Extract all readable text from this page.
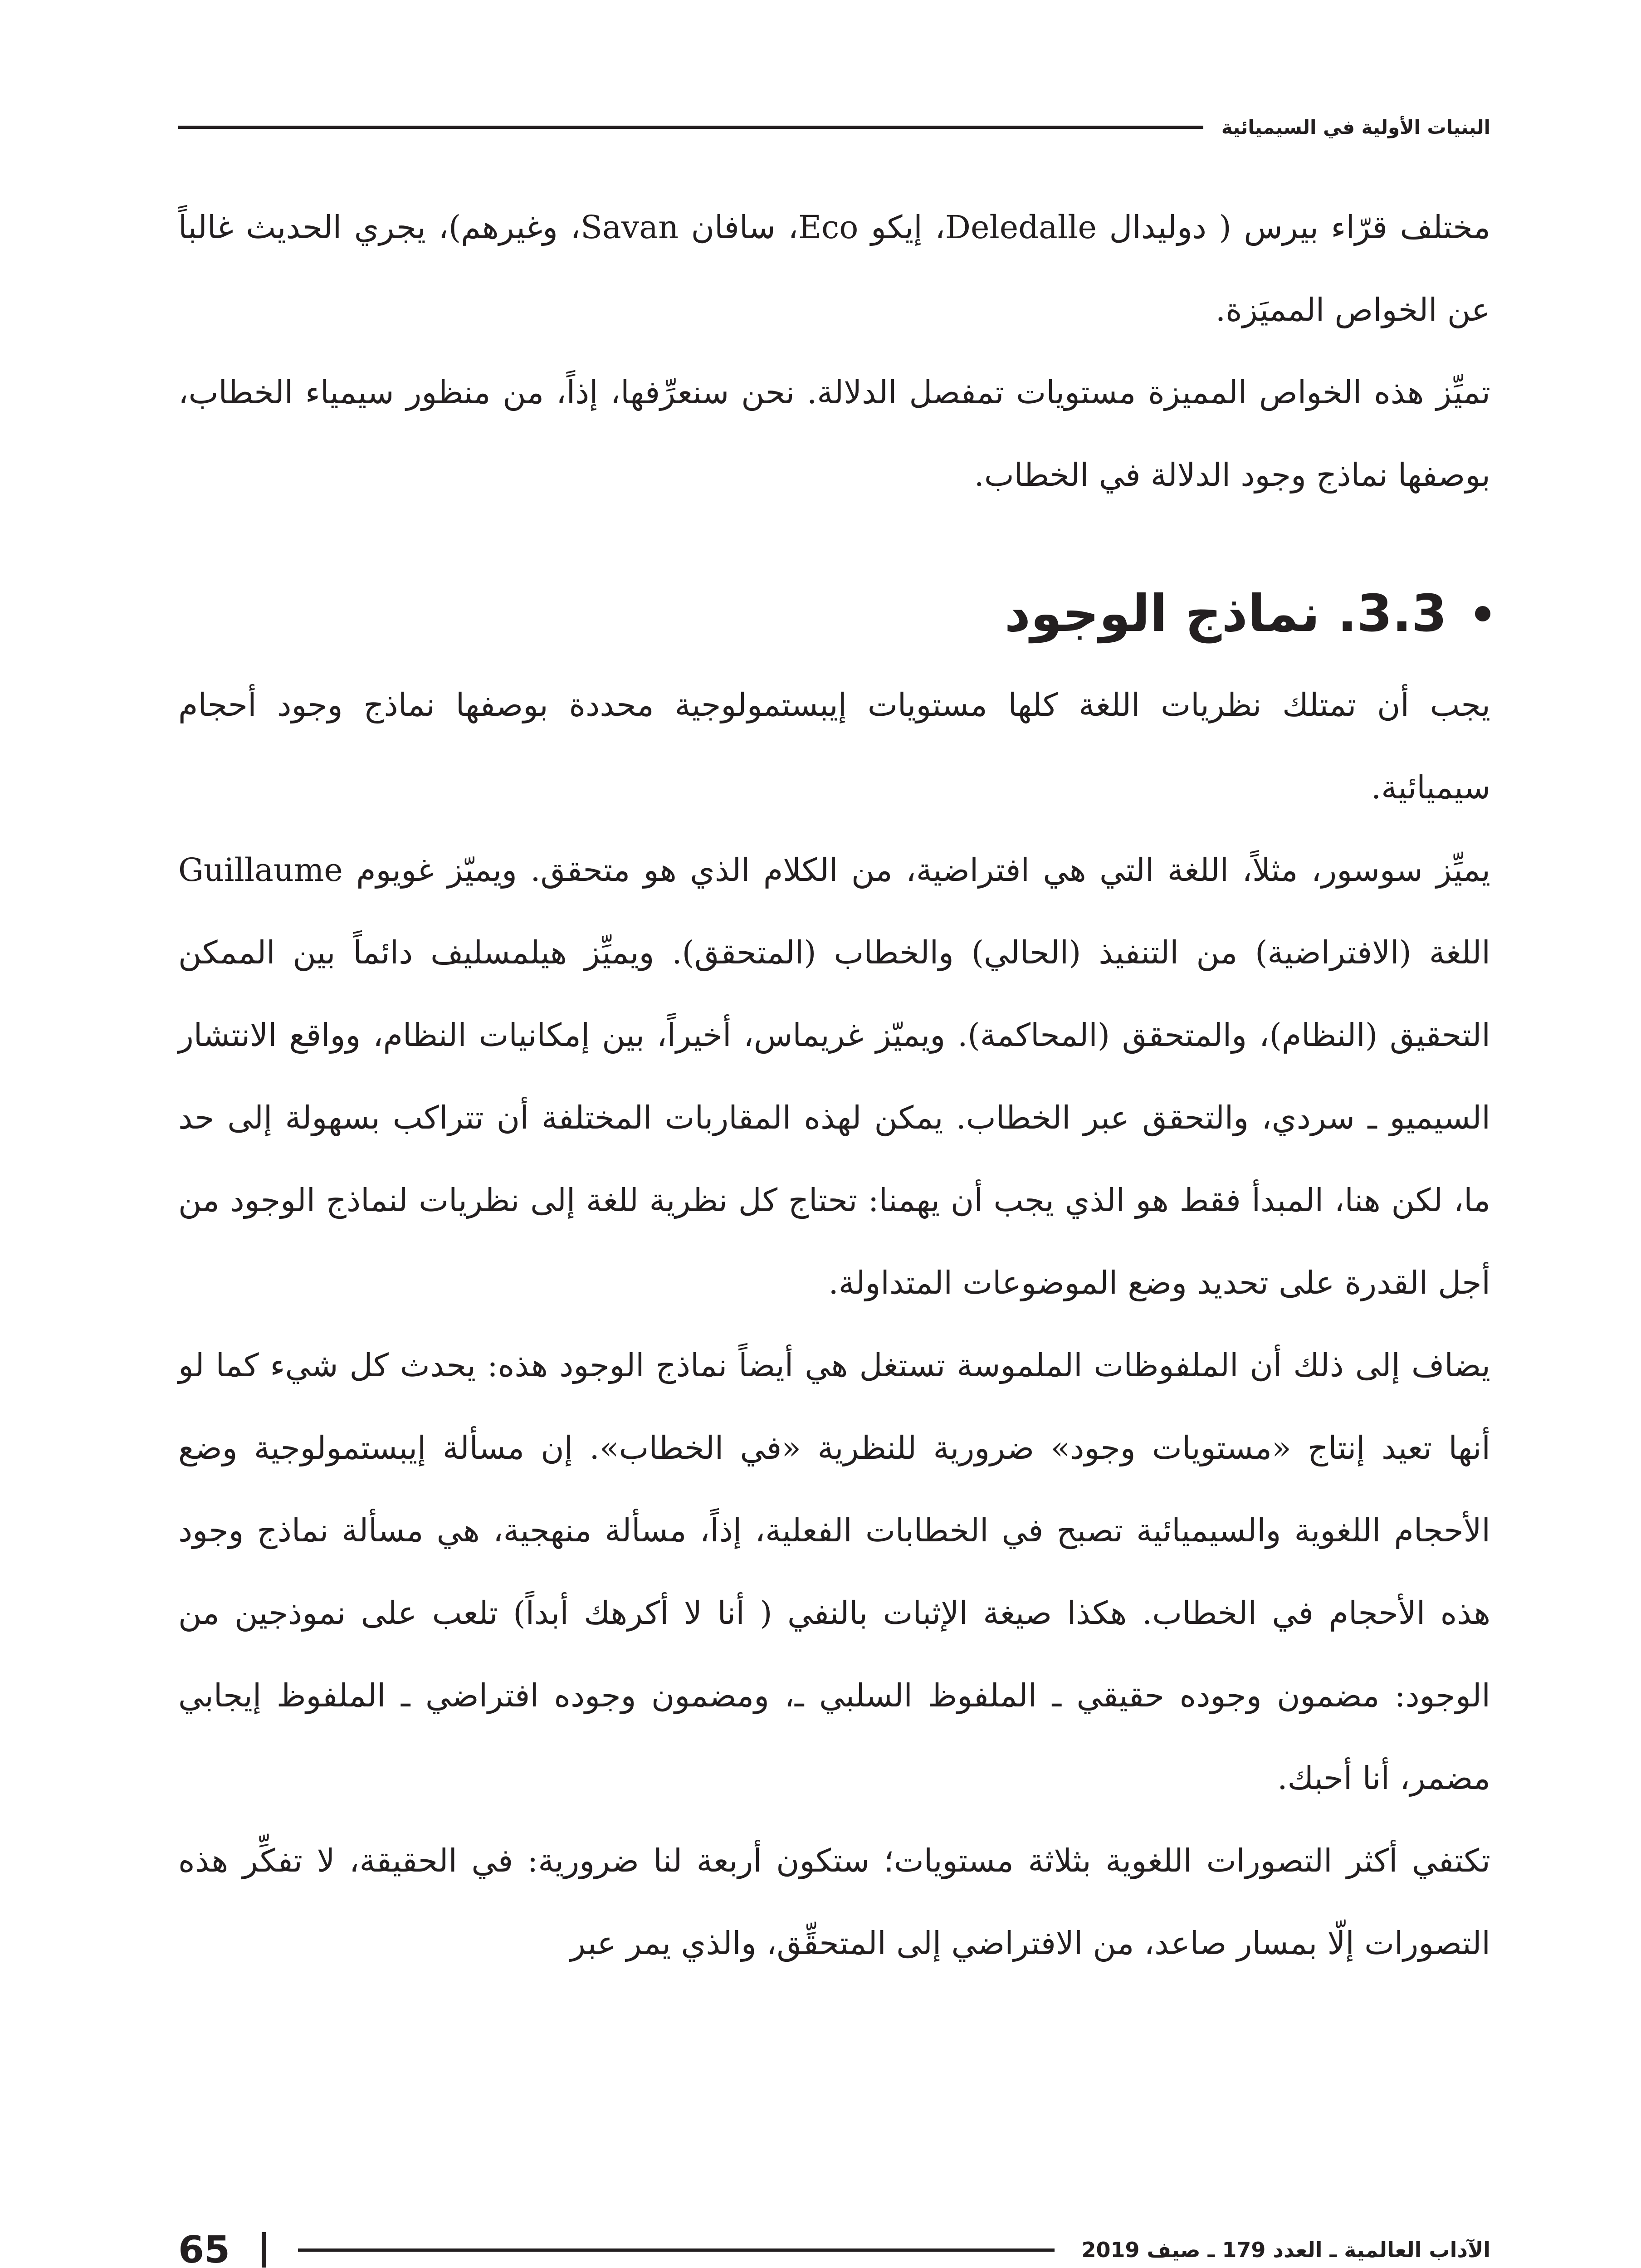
البنيات الأولية في السيميائية

مختلف قرّاء بيرس ( دوليدال Deledalle، إيكو Eco، سافان Savan، وغيرهم)، يجري الحديث غالباً عن الخواص المميَزة.

تميِّز هذه الخواص المميزة مستويات تمفصل الدلالة. نحن سنعرِّفها، إذاً، من منظور سيمياء الخطاب، بوصفها نماذج وجود الدلالة في الخطاب.

3.3. نماذج الوجود

يجب أن تمتلك نظريات اللغة كلها مستويات إيبستمولوجية محددة بوصفها نماذج وجود أحجام سيميائية.

يميِّز سوسور، مثلاً، اللغة التي هي افتراضية، من الكلام الذي هو متحقق. ويميّز غويوم Guillaume اللغة (الافتراضية) من التنفيذ (الحالي) والخطاب (المتحقق). ويميِّز هيلمسليف دائماً بين الممكن التحقيق (النظام)، والمتحقق (المحاكمة). ويميّز غريماس، أخيراً، بين إمكانيات النظام، وواقع الانتشار السيميو ـ سردي، والتحقق عبر الخطاب. يمكن لهذه المقاربات المختلفة أن تتراكب بسهولة إلى حد ما، لكن هنا، المبدأ فقط هو الذي يجب أن يهمنا: تحتاج كل نظرية للغة إلى نظريات لنماذج الوجود من أجل القدرة على تحديد وضع الموضوعات المتداولة.

يضاف إلى ذلك أن الملفوظات الملموسة تستغل هي أيضاً نماذج الوجود هذه: يحدث كل شيء كما لو أنها تعيد إنتاج «مستويات وجود» ضرورية للنظرية «في الخطاب». إن مسألة إيبستمولوجية وضع الأحجام اللغوية والسيميائية تصبح في الخطابات الفعلية، إذاً، مسألة منهجية، هي مسألة نماذج وجود هذه الأحجام في الخطاب. هكذا صيغة الإثبات بالنفي ( أنا لا أكرهك أبداً) تلعب على نموذجين من الوجود: مضمون وجوده حقيقي ـ الملفوظ السلبي ـ، ومضمون وجوده افتراضي ـ الملفوظ إيجابي مضمر، أنا أحبك.

تكتفي أكثر التصورات اللغوية بثلاثة مستويات؛ ستكون أربعة لنا ضرورية: في الحقيقة، لا تفكِّر هذه التصورات إلّا بمسار صاعد، من الافتراضي إلى المتحقِّق، والذي يمر عبر

الآداب العالمية ـ العدد 179 ـ صيف 2019
65
